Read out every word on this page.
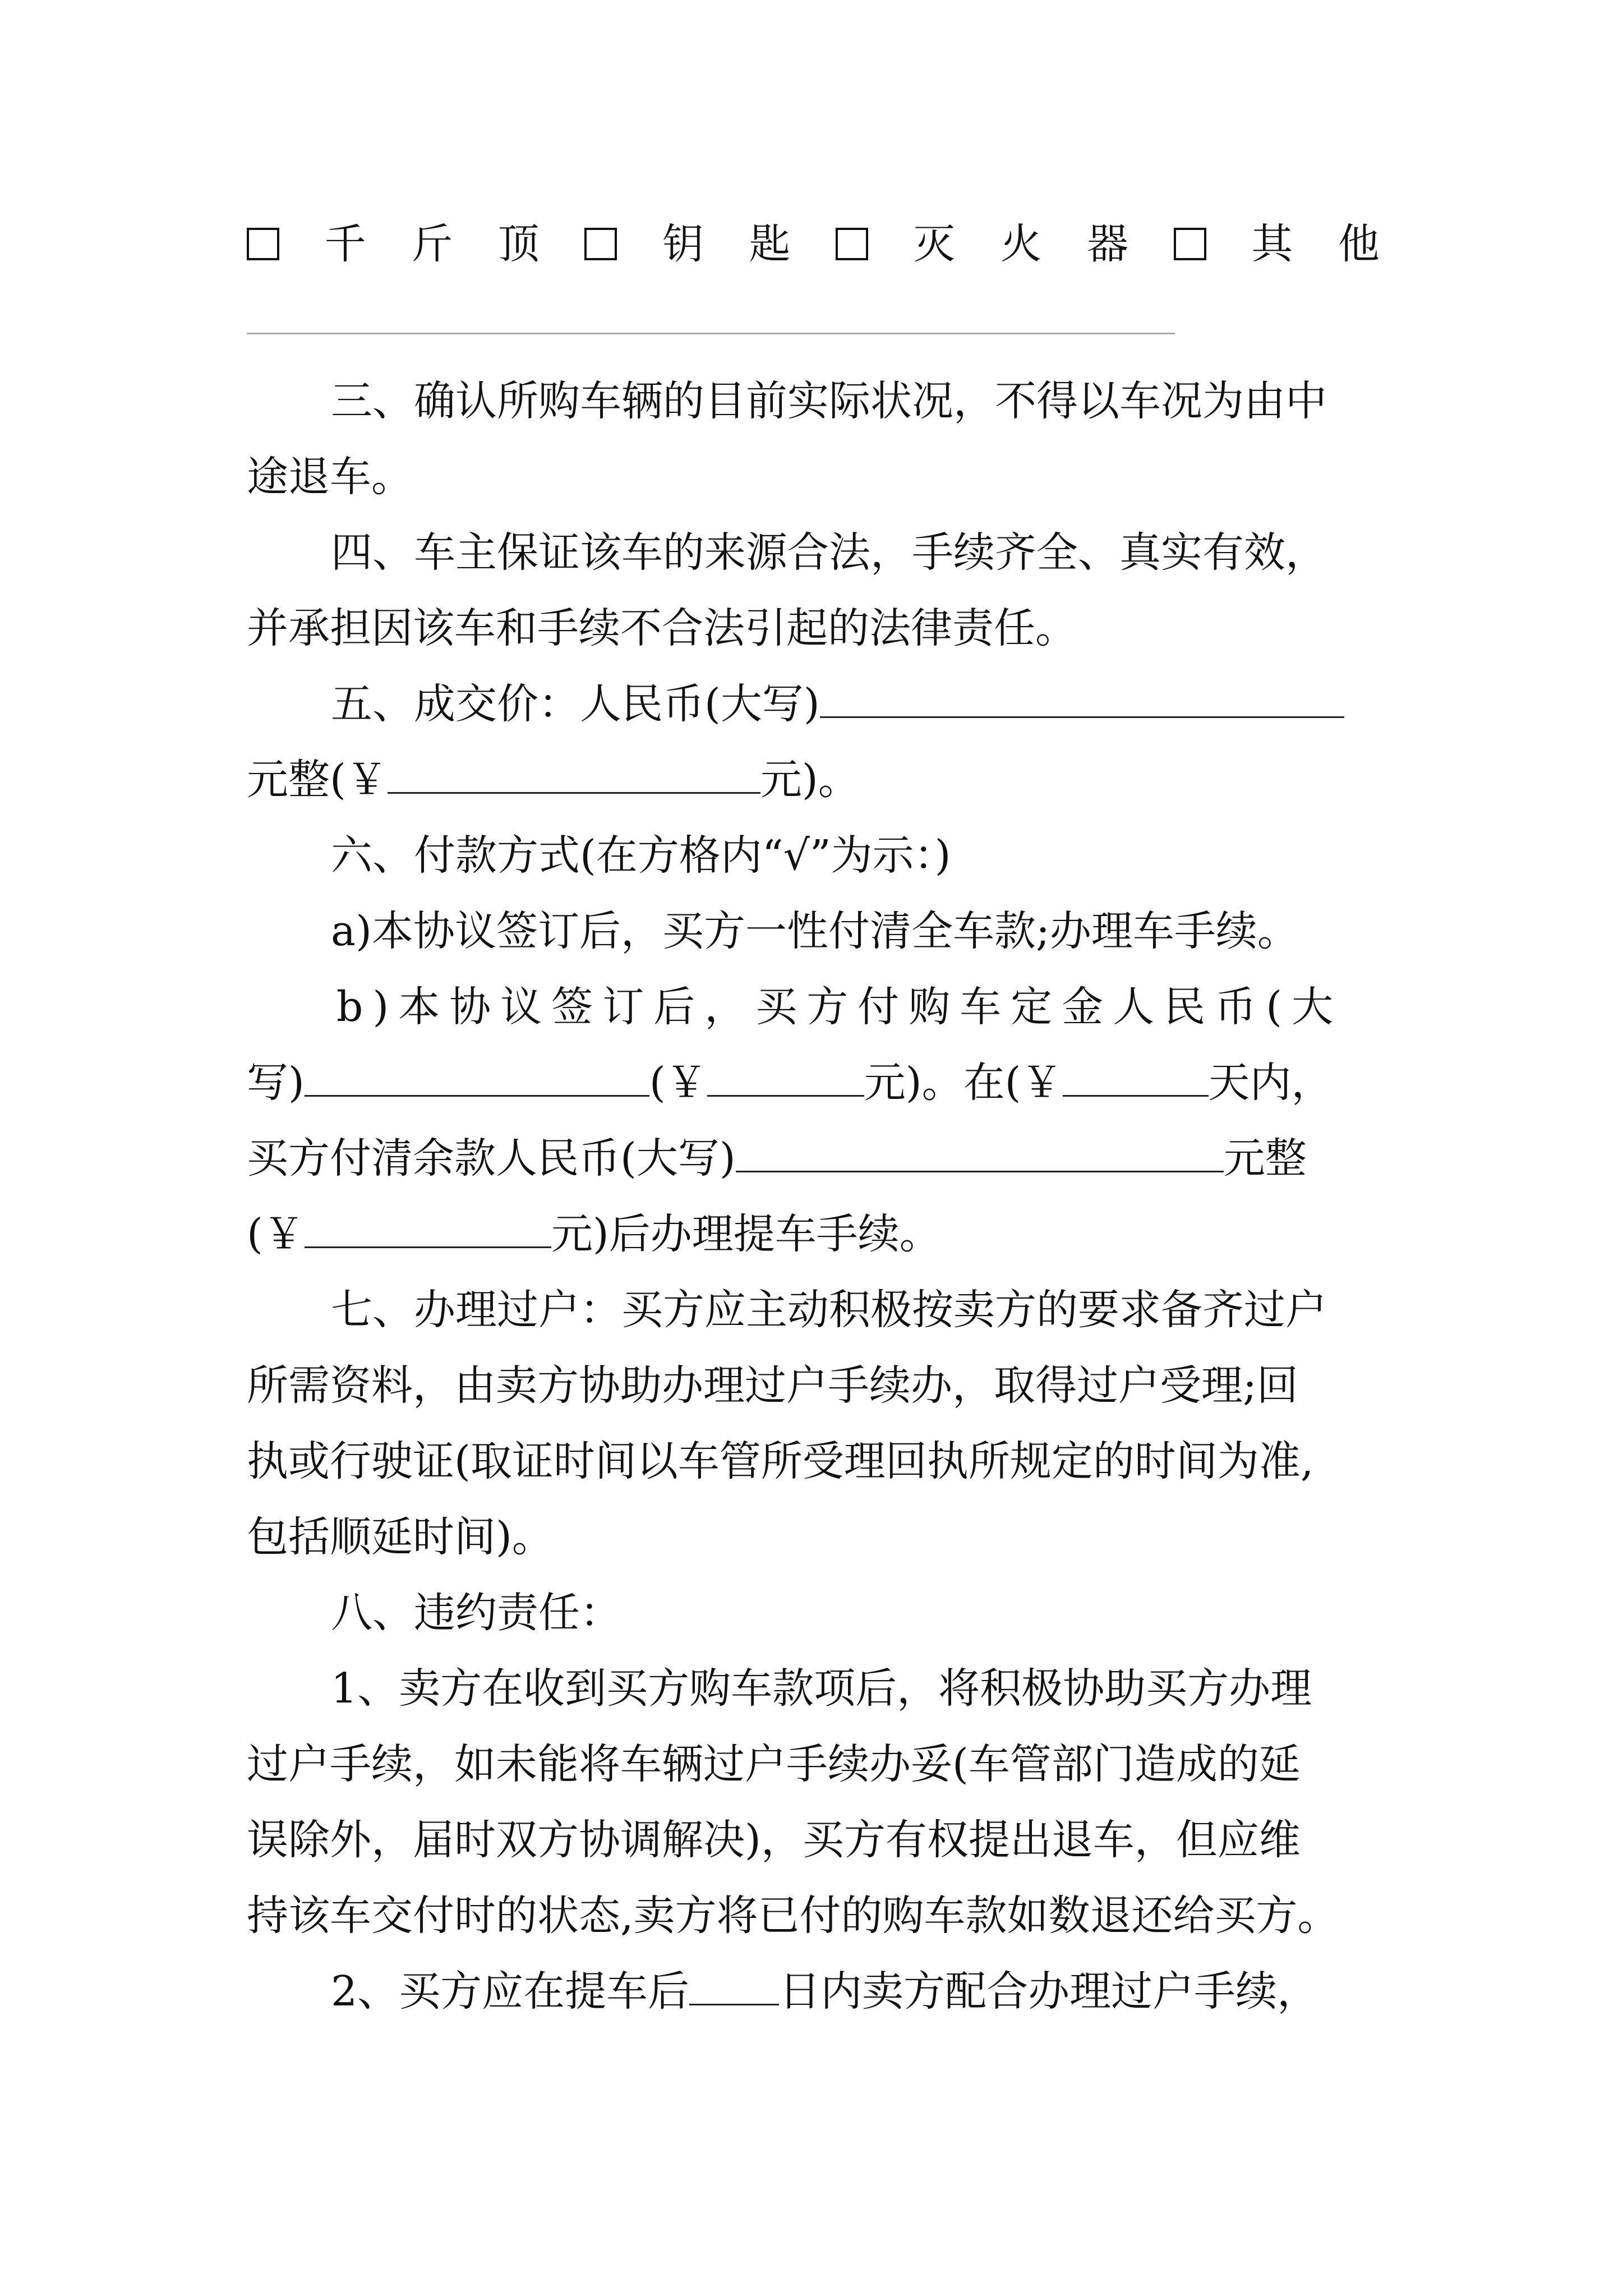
千 斤 顶	钥 匙	灭 火 器	其 他
三、确认所购车辆的目前实际状况，不得以车况为由中
途退车。
四、车主保证该车的来源合法，手续齐全、真实有效，
并承担因该车和手续不合法引起的法律责任。
五、成交价：人民币(大写)
元整(￥	元)。
六、付款方式(在方格内“√”为示：)
a)本协议签订后，买方一性付清全车款;办理车手续。
b)本协议签订后，买方付购车定金人民币(大
写)	(￥	元)。在(￥	天内，
买方付清余款人民币(大写)	元整
(￥	元)后办理提车手续。
七、办理过户：买方应主动积极按卖方的要求备齐过户
所需资料，由卖方协助办理过户手续办，取得过户受理;回
执或行驶证(取证时间以车管所受理回执所规定的时间为准,
包括顺延时间)。
八、违约责任：
1、卖方在收到买方购车款项后，将积极协助买方办理
过户手续，如未能将车辆过户手续办妥(车管部门造成的延
误除外，届时双方协调解决)，买方有权提出退车，但应维
持该车交付时的状态,卖方将已付的购车款如数退还给买方。
2、买方应在提车后 日内卖方配合办理过户手续，
